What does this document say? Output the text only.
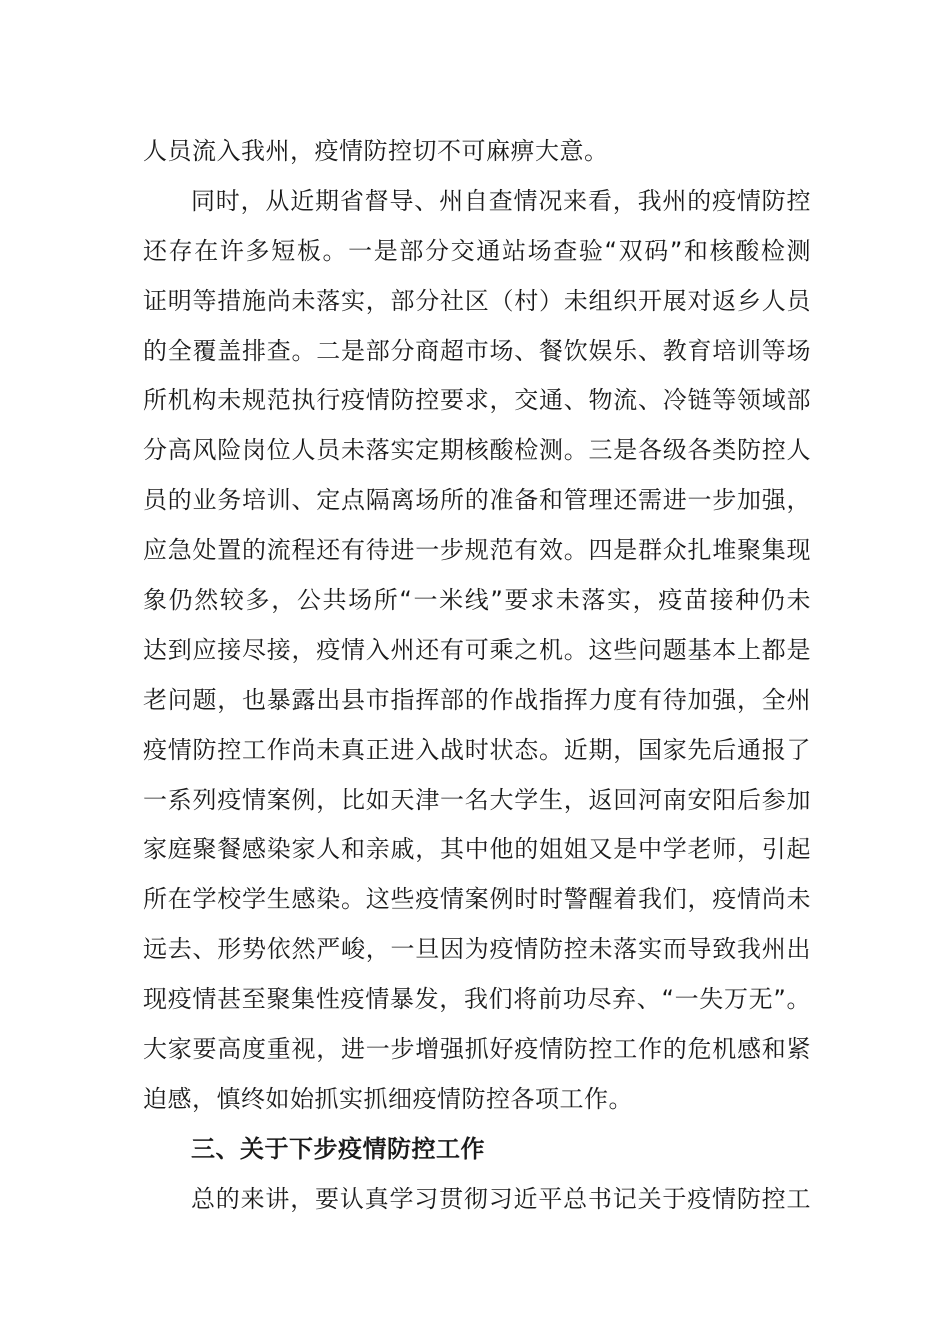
人员流入我州，疫情防控切不可麻痹大意。
同时，从近期省督导、州自查情况来看，我州的疫情防控
还存在许多短板。一是部分交通站场查验“双码”和核酸检测
证明等措施尚未落实，部分社区（村）未组织开展对返乡人员
的全覆盖排查。二是部分商超市场、餐饮娱乐、教育培训等场
所机构未规范执行疫情防控要求，交通、物流、冷链等领域部
分高风险岗位人员未落实定期核酸检测。三是各级各类防控人
员的业务培训、定点隔离场所的准备和管理还需进一步加强，
应急处置的流程还有待进一步规范有效。四是群众扎堆聚集现
象仍然较多，公共场所“一米线”要求未落实，疫苗接种仍未
达到应接尽接，疫情入州还有可乘之机。这些问题基本上都是
老问题，也暴露出县市指挥部的作战指挥力度有待加强，全州
疫情防控工作尚未真正进入战时状态。近期，国家先后通报了
一系列疫情案例，比如天津一名大学生，返回河南安阳后参加
家庭聚餐感染家人和亲戚，其中他的姐姐又是中学老师，引起
所在学校学生感染。这些疫情案例时时警醒着我们，疫情尚未
远去、形势依然严峻，一旦因为疫情防控未落实而导致我州出
现疫情甚至聚集性疫情暴发，我们将前功尽弃、“一失万无”。
大家要高度重视，进一步增强抓好疫情防控工作的危机感和紧
迫感，慎终如始抓实抓细疫情防控各项工作。
三、关于下步疫情防控工作
总的来讲，要认真学习贯彻习近平总书记关于疫情防控工
